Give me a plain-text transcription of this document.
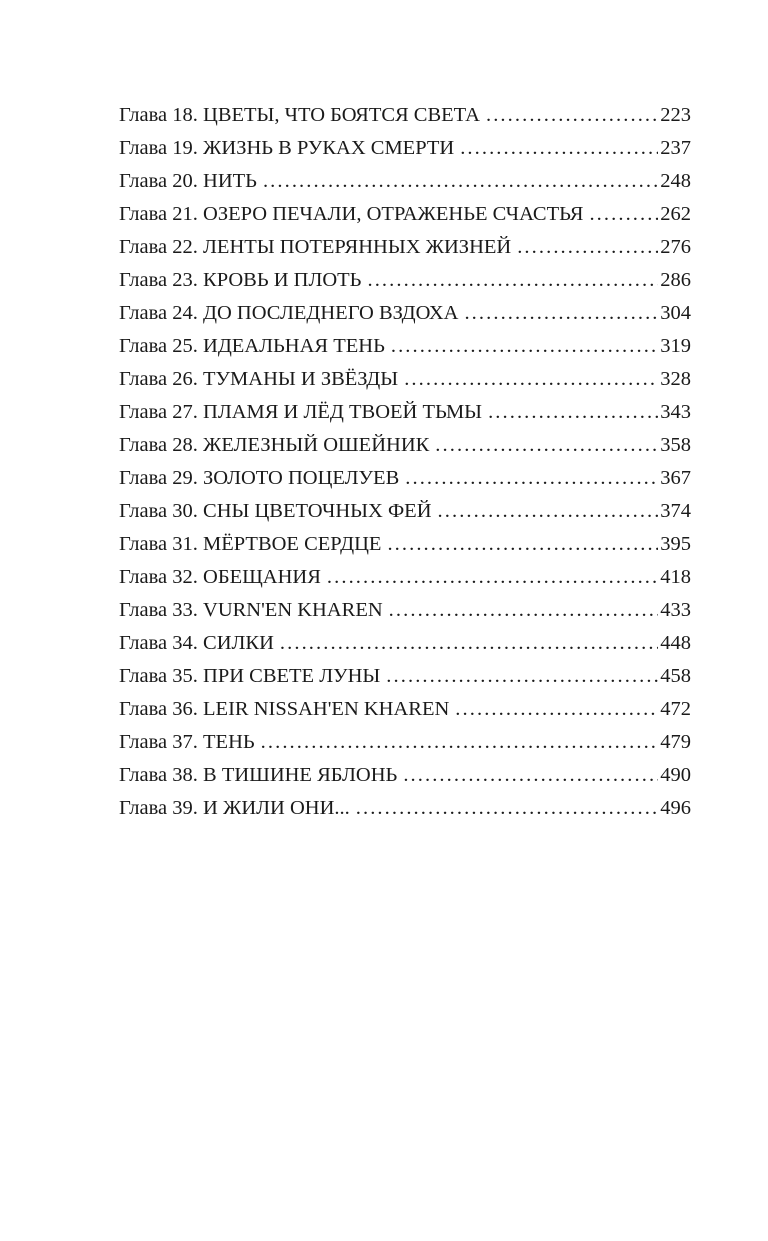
Глава 18. ЦВЕТЫ, ЧТО БОЯТСЯ СВЕТА .....	223
Глава 19. ЖИЗНЬ В РУКАХ СМЕРТИ .....	237
Глава 20. НИТЬ .....	248
Глава 21. ОЗЕРО ПЕЧАЛИ, ОТРАЖЕНЬЕ СЧАСТЬЯ .....	262
Глава 22. ЛЕНТЫ ПОТЕРЯННЫХ ЖИЗНЕЙ .....	276
Глава 23. КРОВЬ И ПЛОТЬ .....	286
Глава 24. ДО ПОСЛЕДНЕГО ВЗДОХА .....	304
Глава 25. ИДЕАЛЬНАЯ ТЕНЬ .....	319
Глава 26. ТУМАНЫ И ЗВЁЗДЫ .....	328
Глава 27. ПЛАМЯ И ЛЁД ТВОЕЙ ТЬМЫ .....	343
Глава 28. ЖЕЛЕЗНЫЙ ОШЕЙНИК .....	358
Глава 29. ЗОЛОТО ПОЦЕЛУЕВ .....	367
Глава 30. СНЫ ЦВЕТОЧНЫХ ФЕЙ .....	374
Глава 31. МЁРТВОЕ СЕРДЦЕ .....	395
Глава 32. ОБЕЩАНИЯ .....	418
Глава 33. VURN'EN KHAREN .....	433
Глава 34. СИЛКИ .....	448
Глава 35. ПРИ СВЕТЕ ЛУНЫ .....	458
Глава 36. LEIR NISSAH'EN KHAREN .....	472
Глава 37. ТЕНЬ .....	479
Глава 38. В ТИШИНЕ ЯБЛОНЬ .....	490
Глава 39. И ЖИЛИ ОНИ... .....	496
